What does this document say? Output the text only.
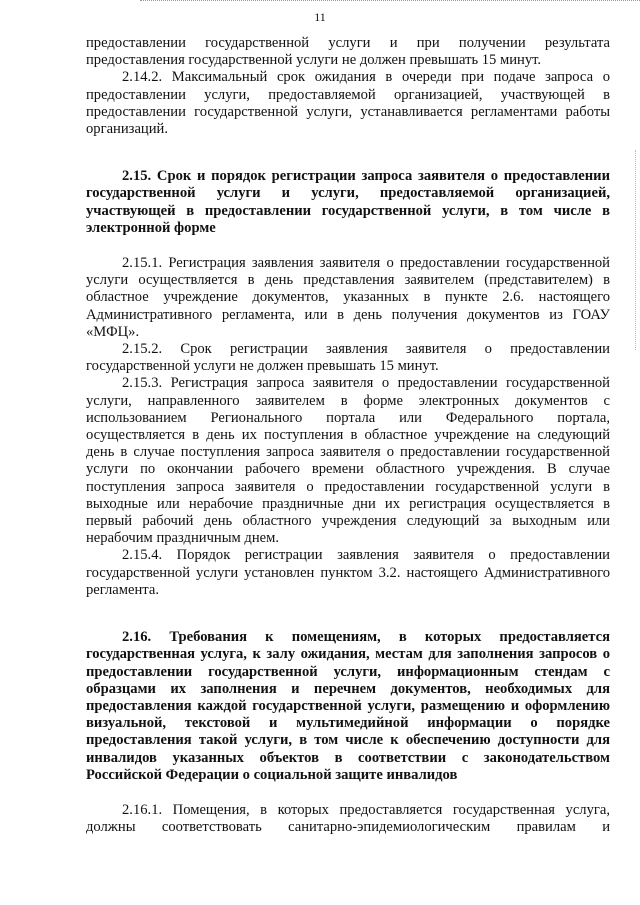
11

предоставлении государственной услуги и при получении результата предоставления государственной услуги не должен превышать 15 минут.

2.14.2. Максимальный срок ожидания в очереди при подаче запроса о предоставлении услуги, предоставляемой организацией, участвующей в предоставлении государственной услуги, устанавливается регламентами работы организаций.

2.15. Срок и порядок регистрации запроса заявителя о предоставлении государственной услуги и услуги, предоставляемой организацией, участвующей в предоставлении государственной услуги, в том числе в электронной форме

2.15.1. Регистрация заявления заявителя о предоставлении государственной услуги осуществляется в день представления заявителем (представителем) в областное учреждение документов, указанных в пункте 2.6. настоящего Административного регламента, или в день получения документов из ГОАУ «МФЦ».

2.15.2. Срок регистрации заявления заявителя о предоставлении государственной услуги не должен превышать 15 минут.

2.15.3. Регистрация запроса заявителя о предоставлении государственной услуги, направленного заявителем в форме электронных документов с использованием Регионального портала или Федерального портала, осуществляется в день их поступления в областное учреждение на следующий день в случае поступления запроса заявителя о предоставлении государственной услуги по окончании рабочего времени областного учреждения. В случае поступления запроса заявителя о предоставлении государственной услуги в выходные или нерабочие праздничные дни их регистрация осуществляется в первый рабочий день областного учреждения следующий за выходным или нерабочим праздничным днем.

2.15.4. Порядок регистрации заявления заявителя о предоставлении государственной услуги установлен пунктом 3.2. настоящего Административного регламента.

2.16. Требования к помещениям, в которых предоставляется государственная услуга, к залу ожидания, местам для заполнения запросов о предоставлении государственной услуги, информационным стендам с образцами их заполнения и перечнем документов, необходимых для предоставления каждой государственной услуги, размещению и оформлению визуальной, текстовой и мультимедийной информации о порядке предоставления такой услуги, в том числе к обеспечению доступности для инвалидов указанных объектов в соответствии с законодательством Российской Федерации о социальной защите инвалидов

2.16.1. Помещения, в которых предоставляется государственная услуга, должны соответствовать санитарно-эпидемиологическим правилам и
